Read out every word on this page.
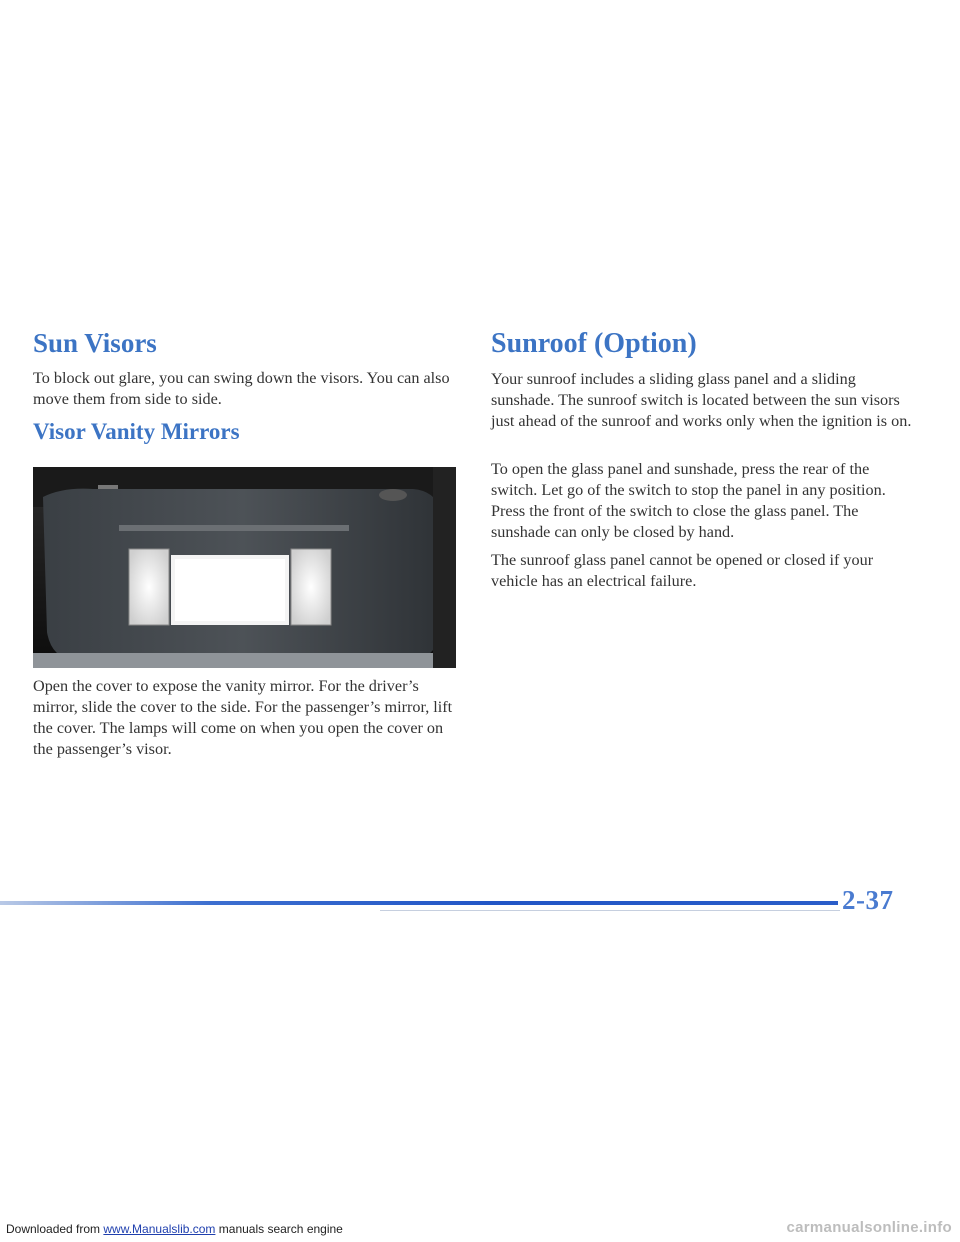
Sun Visors

To block out glare, you can swing down the visors. You can also move them from side to side.

Visor Vanity Mirrors

Open the cover to expose the vanity mirror. For the driver’s mirror, slide the cover to the side. For the passenger’s mirror, lift the cover. The lamps will come on when you open the cover on the passenger’s visor.

Sunroof (Option)

Your sunroof includes a sliding glass panel and a sliding sunshade. The sunroof switch is located between the sun visors just ahead of the sunroof and works only when the ignition is on.

To open the glass panel and sunshade, press the rear of the switch. Let go of the switch to stop the panel in any position. Press the front of the switch to close the glass panel. The sunshade can only be closed by hand.

The sunroof glass panel cannot be opened or closed if your vehicle has an electrical failure.

2-37
Downloaded from www.Manualslib.com manuals search engine	carmanualsonline.info
